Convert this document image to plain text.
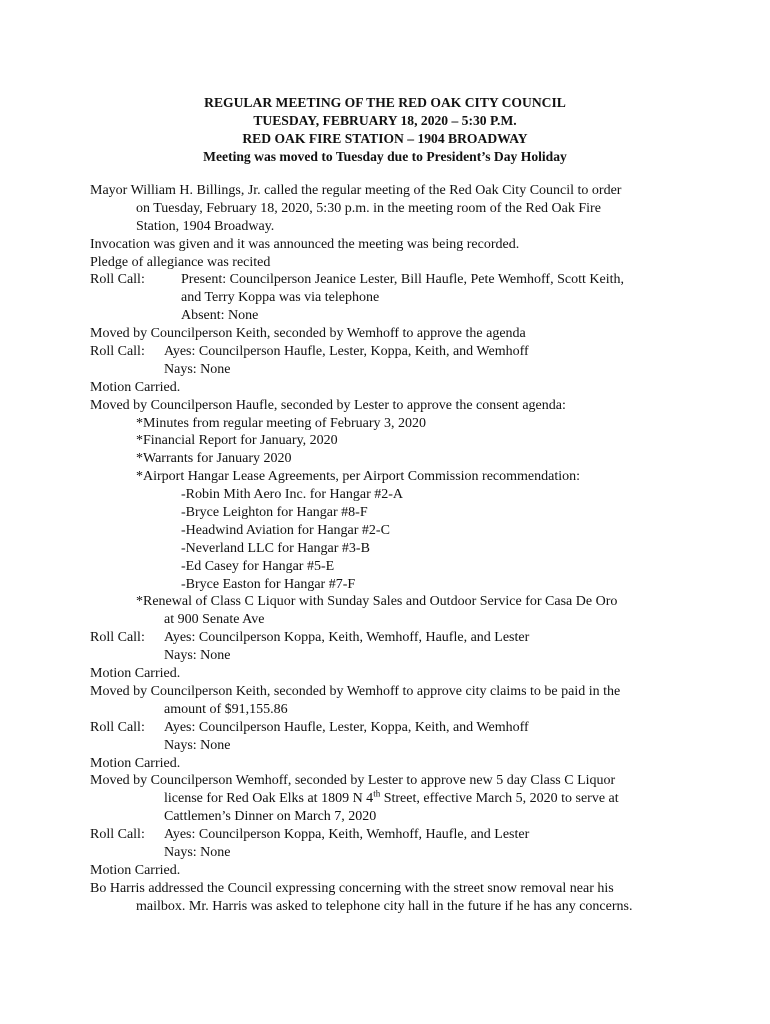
REGULAR MEETING OF THE RED OAK CITY COUNCIL
TUESDAY, FEBRUARY 18, 2020 – 5:30 P.M.
RED OAK FIRE STATION – 1904 BROADWAY
Meeting was moved to Tuesday due to President’s Day Holiday
Mayor William H. Billings, Jr. called the regular meeting of the Red Oak City Council to order
on Tuesday, February 18, 2020, 5:30 p.m. in the meeting room of the Red Oak Fire
Station, 1904 Broadway.
Invocation was given and it was announced the meeting was being recorded.
Pledge of allegiance was recited
Roll Call:	Present: Councilperson Jeanice Lester, Bill Haufle, Pete Wemhoff, Scott Keith,
and Terry Koppa was via telephone
Absent: None
Moved by Councilperson Keith, seconded by Wemhoff to approve the agenda
Roll Call: Ayes: Councilperson Haufle, Lester, Koppa, Keith, and Wemhoff
Nays: None
Motion Carried.
Moved by Councilperson Haufle, seconded by Lester to approve the consent agenda:
*Minutes from regular meeting of February 3, 2020
*Financial Report for January, 2020
*Warrants for January 2020
*Airport Hangar Lease Agreements, per Airport Commission recommendation:
-Robin Mith Aero Inc. for Hangar #2-A
-Bryce Leighton for Hangar #8-F
-Headwind Aviation for Hangar #2-C
-Neverland LLC for Hangar #3-B
-Ed Casey for Hangar #5-E
-Bryce Easton for Hangar #7-F
*Renewal of Class C Liquor with Sunday Sales and Outdoor Service for Casa De Oro
at 900 Senate Ave
Roll Call: Ayes: Councilperson Koppa, Keith, Wemhoff, Haufle, and Lester
Nays: None
Motion Carried.
Moved by Councilperson Keith, seconded by Wemhoff to approve city claims to be paid in the
amount of $91,155.86
Roll Call: Ayes: Councilperson Haufle, Lester, Koppa, Keith, and Wemhoff
Nays: None
Motion Carried.
Moved by Councilperson Wemhoff, seconded by Lester to approve new 5 day Class C Liquor
license for Red Oak Elks at 1809 N 4th Street, effective March 5, 2020 to serve at
Cattlemen’s Dinner on March 7, 2020
Roll Call: Ayes: Councilperson Koppa, Keith, Wemhoff, Haufle, and Lester
Nays: None
Motion Carried.
Bo Harris addressed the Council expressing concerning with the street snow removal near his
mailbox. Mr. Harris was asked to telephone city hall in the future if he has any concerns.
